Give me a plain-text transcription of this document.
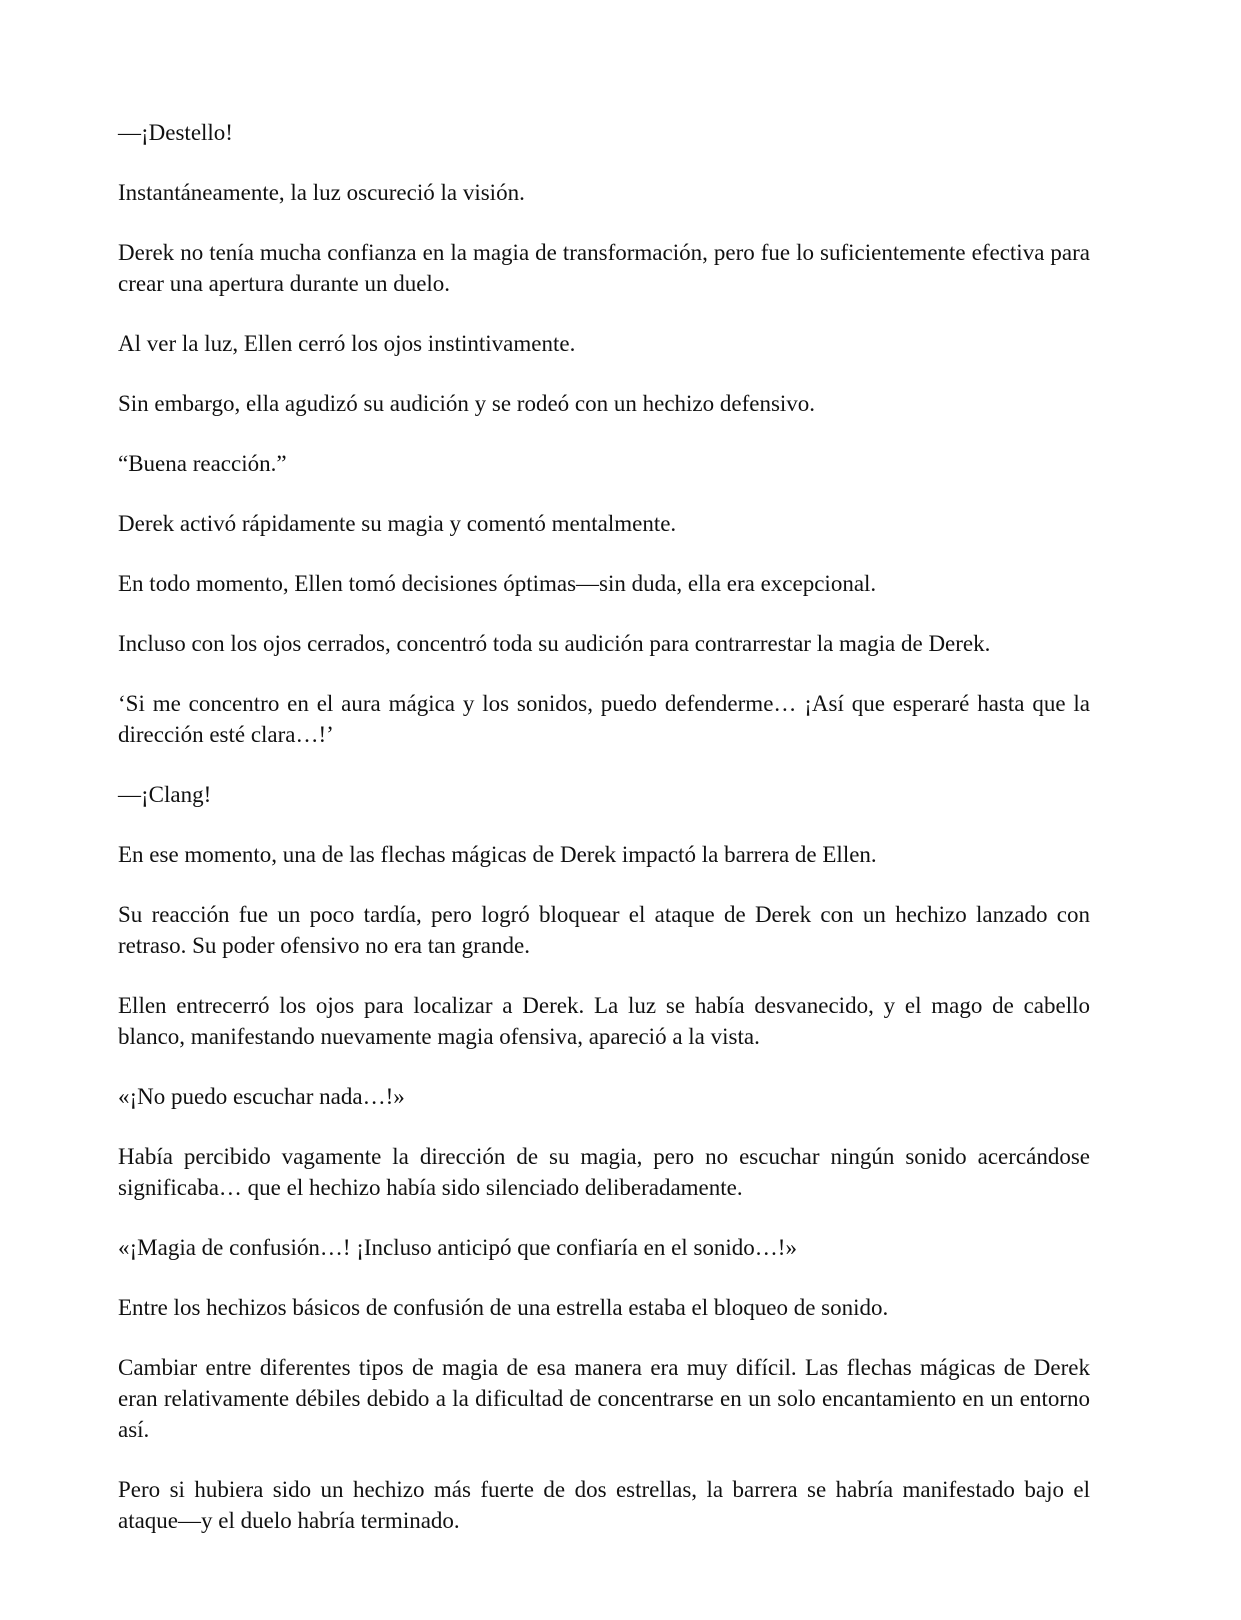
—¡Destello!

Instantáneamente, la luz oscureció la visión.

Derek no tenía mucha confianza en la magia de transformación, pero fue lo suficientemente efectiva para crear una apertura durante un duelo.

Al ver la luz, Ellen cerró los ojos instintivamente.

Sin embargo, ella agudizó su audición y se rodeó con un hechizo defensivo.

“Buena reacción.”

Derek activó rápidamente su magia y comentó mentalmente.

En todo momento, Ellen tomó decisiones óptimas—sin duda, ella era excepcional.

Incluso con los ojos cerrados, concentró toda su audición para contrarrestar la magia de Derek.

‘Si me concentro en el aura mágica y los sonidos, puedo defenderme… ¡Así que esperaré hasta que la dirección esté clara…!’

—¡Clang!

En ese momento, una de las flechas mágicas de Derek impactó la barrera de Ellen.

Su reacción fue un poco tardía, pero logró bloquear el ataque de Derek con un hechizo lanzado con retraso. Su poder ofensivo no era tan grande.

Ellen entrecerró los ojos para localizar a Derek. La luz se había desvanecido, y el mago de cabello blanco, manifestando nuevamente magia ofensiva, apareció a la vista.

«¡No puedo escuchar nada…!»

Había percibido vagamente la dirección de su magia, pero no escuchar ningún sonido acercándose significaba… que el hechizo había sido silenciado deliberadamente.

«¡Magia de confusión…! ¡Incluso anticipó que confiaría en el sonido…!»

Entre los hechizos básicos de confusión de una estrella estaba el bloqueo de sonido.

Cambiar entre diferentes tipos de magia de esa manera era muy difícil. Las flechas mágicas de Derek eran relativamente débiles debido a la dificultad de concentrarse en un solo encantamiento en un entorno así.

Pero si hubiera sido un hechizo más fuerte de dos estrellas, la barrera se habría manifestado bajo el ataque—y el duelo habría terminado.
